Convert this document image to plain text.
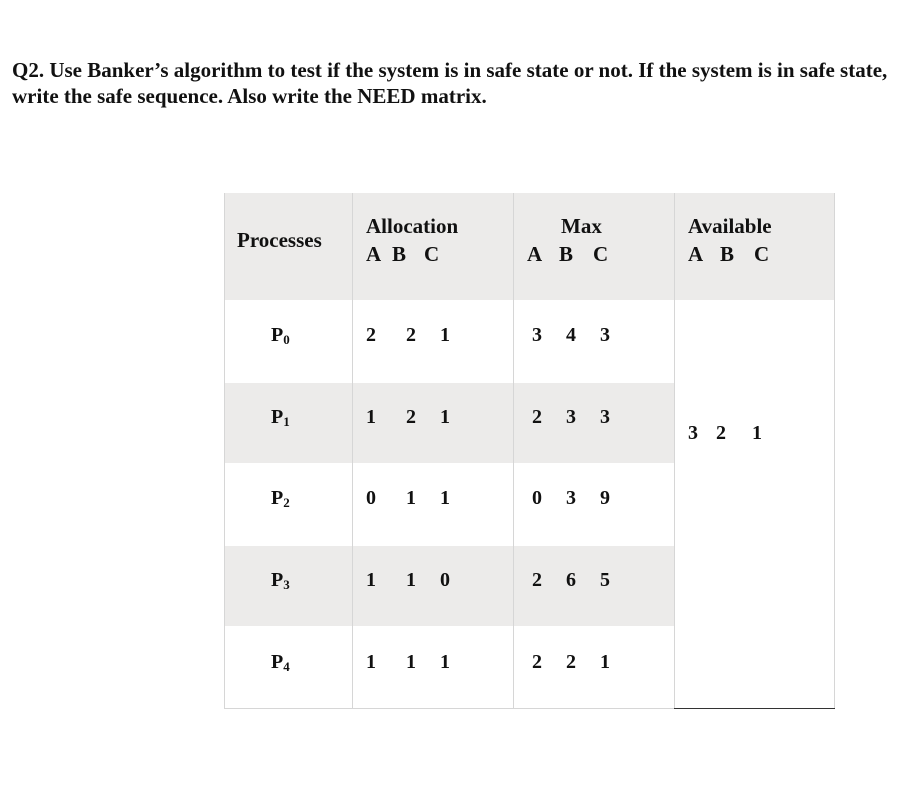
Q2. Use Banker’s algorithm to test if the system is in safe state or not. If the system is in safe state, write the safe sequence. Also write the NEED matrix.

Processes
Allocation
A B C
Max
A B C
Available
A B C
$P_0$	2 2 1	3 4 3
$P_1$	1 2 1	2 3 3
$P_2$	0 1 1	0 3 9
$P_3$	1 1 0	2 6 5
$P_4$	1 1 1	2 2 1
3 2 1
